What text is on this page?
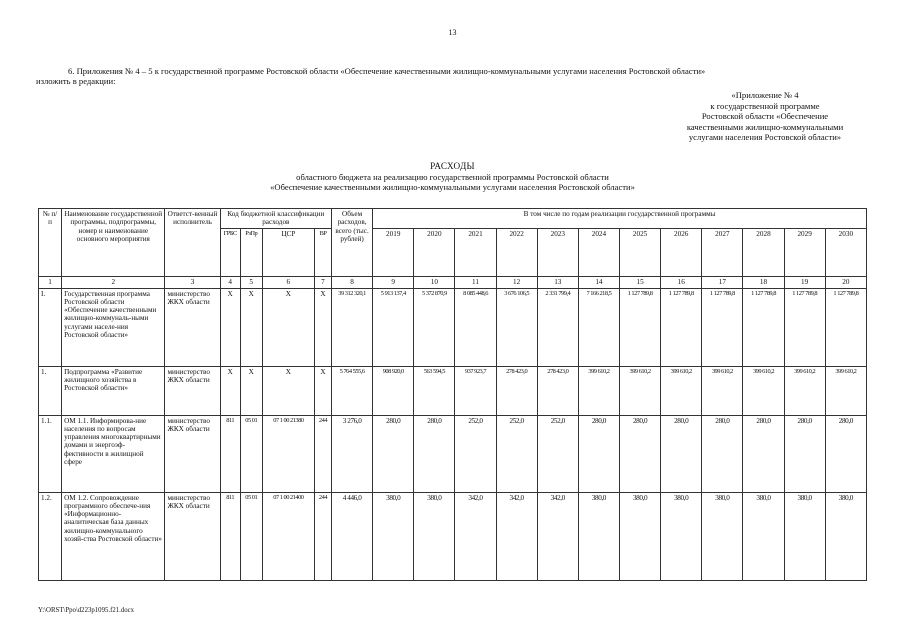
13
6. Приложения № 4 – 5 к государственной программе Ростовской области «Обеспечение качественными жилищно-коммунальными услугами населения Ростовской области»
изложить в редакции:
«Приложение № 4
к государственной программе
Ростовской области «Обеспечение
качественными жилищно-коммунальными
услугами населения Ростовской области»
РАСХОДЫ
областного бюджета на реализацию государственной программы Ростовской области
«Обеспечение качественными жилищно-коммунальными услугами населения Ростовской области»
№ п/п	Наименование государственной программы, подпрограммы, номер и наименование основного мероприятия	Ответст-венный исполнитель	Код бюджетной классификации расходов				Объем расходов, всего (тыс. рублей)	В том числе по годам реализации государственной программы											
			ГРБС	РзПр	ЦСР	ВР		2019	2020	2021	2022	2023	2024	2025	2026	2027	2028	2029	2030
1	2	3	4	5	6	7	8	9	10	11	12	13	14	15	16	17	18	19	20
I.	Государственная программа Ростовской области «Обеспечение качественными жилищно-коммуналь-ными услугами населе-ния Ростовской области»	министерство ЖКХ области	X	X	X	X	39 312 320,1	5 913 137,4	5 372 870,9	8 085 448,6	3 676 106,5	2 331 799,4	7 166 218,5	1 127 789,8	1 127 789,8	1 127 789,8	1 127 789,8	1 127 789,8	1 127 789,8
1.	Подпрограмма «Развитие жилищного хозяйства в Ростовской области»	министерство ЖКХ области	X	X	X	X	5 764 555,6	908 920,0	563 594,5	937 923,7	278 423,0	278 423,0	399 610,2	399 610,2	399 610,2	399 610,2	399 610,2	399 610,2	399 610,2
1.1.	ОМ 1.1. Информирова-ние населения по вопросам управления многоквартирными домами и энергоэф-фективности в жилищной сфере	министерство ЖКХ области	811	05 01	07 1 00 21380	244	3 276,0	280,0	280,0	252,0	252,0	252,0	280,0	280,0	280,0	280,0	280,0	280,0	280,0
1.2.	ОМ 1.2. Сопровождение программного обеспече-ния «Информационно-аналитическая база данных жилищно-коммунального хозяй-ства Ростовской области»	министерство ЖКХ области	811	05 01	07 1 00 21400	244	4 446,0	380,0	380,0	342,0	342,0	342,0	380,0	380,0	380,0	380,0	380,0	380,0	380,0
Y:\ORST\Ppo\d223p1095.f21.docx
